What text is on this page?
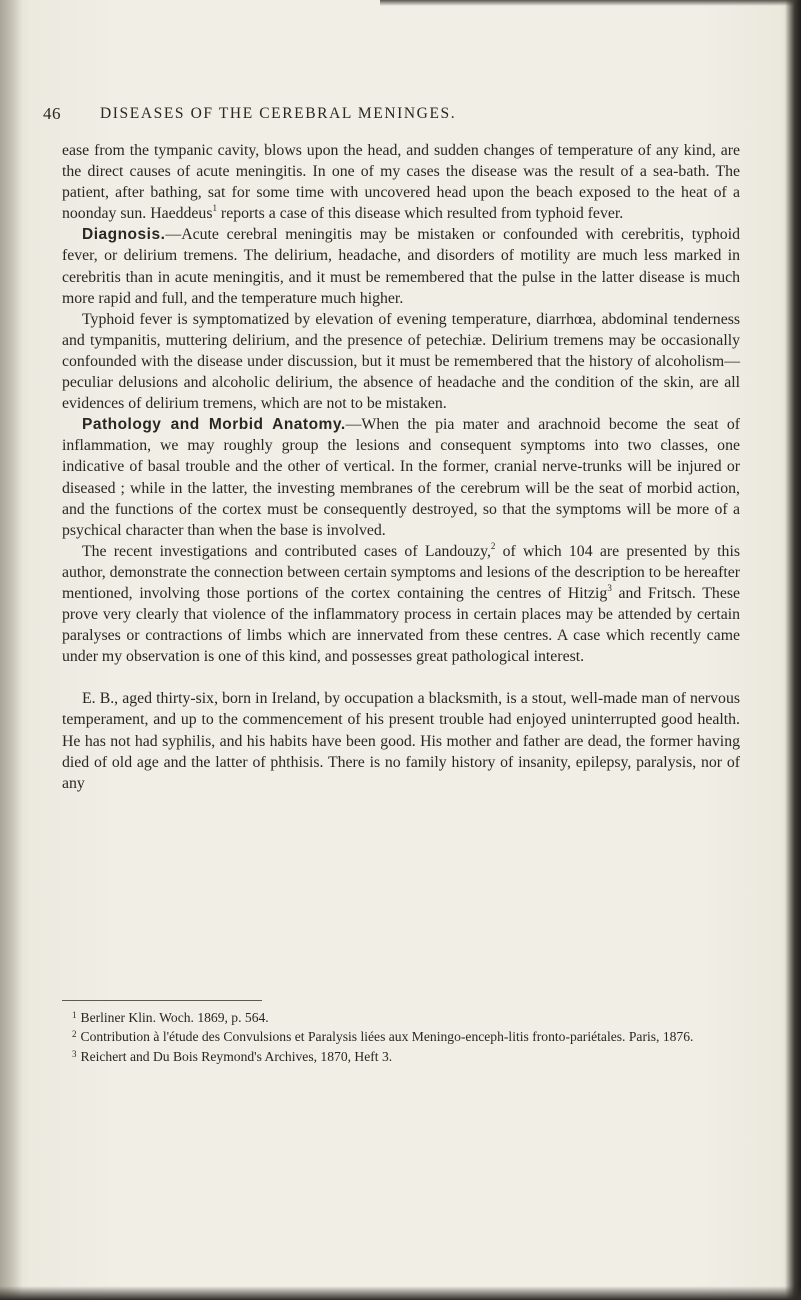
46	DISEASES OF THE CEREBRAL MENINGES.

ease from the tympanic cavity, blows upon the head, and sudden changes of temperature of any kind, are the direct causes of acute meningitis. In one of my cases the disease was the result of a sea-bath. The patient, after bathing, sat for some time with uncovered head upon the beach exposed to the heat of a noonday sun. Haeddeus$^1$ reports a case of this disease which resulted from typhoid fever.

Diagnosis.—Acute cerebral meningitis may be mistaken or confounded with cerebritis, typhoid fever, or delirium tremens. The delirium, headache, and disorders of motility are much less marked in cerebritis than in acute meningitis, and it must be remembered that the pulse in the latter disease is much more rapid and full, and the temperature much higher.

Typhoid fever is symptomatized by elevation of evening temperature, diarrhœa, abdominal tenderness and tympanitis, muttering delirium, and the presence of petechiæ. Delirium tremens may be occasionally confounded with the disease under discussion, but it must be remembered that the history of alcoholism—peculiar delusions and alcoholic delirium, the absence of headache and the condition of the skin, are all evidences of delirium tremens, which are not to be mistaken.

Pathology and Morbid Anatomy.—When the pia mater and arachnoid become the seat of inflammation, we may roughly group the lesions and consequent symptoms into two classes, one indicative of basal trouble and the other of vertical. In the former, cranial nerve-trunks will be injured or diseased ; while in the latter, the investing membranes of the cerebrum will be the seat of morbid action, and the functions of the cortex must be consequently destroyed, so that the symptoms will be more of a psychical character than when the base is involved.

The recent investigations and contributed cases of Landouzy,$^2$ of which 104 are presented by this author, demonstrate the connection between certain symptoms and lesions of the description to be hereafter mentioned, involving those portions of the cortex containing the centres of Hitzig$^3$ and Fritsch. These prove very clearly that violence of the inflammatory process in certain places may be attended by certain paralyses or contractions of limbs which are innervated from these centres. A case which recently came under my observation is one of this kind, and possesses great pathological interest.

E. B., aged thirty-six, born in Ireland, by occupation a blacksmith, is a stout, well-made man of nervous temperament, and up to the commencement of his present trouble had enjoyed uninterrupted good health. He has not had syphilis, and his habits have been good. His mother and father are dead, the former having died of old age and the latter of phthisis. There is no family history of insanity, epilepsy, paralysis, nor of any

$^1$ Berliner Klin. Woch. 1869, p. 564.

$^2$ Contribution à l'étude des Convulsions et Paralysis liées aux Meningo-enceph-litis fronto-pariétales. Paris, 1876.

$^3$ Reichert and Du Bois Reymond's Archives, 1870, Heft 3.
